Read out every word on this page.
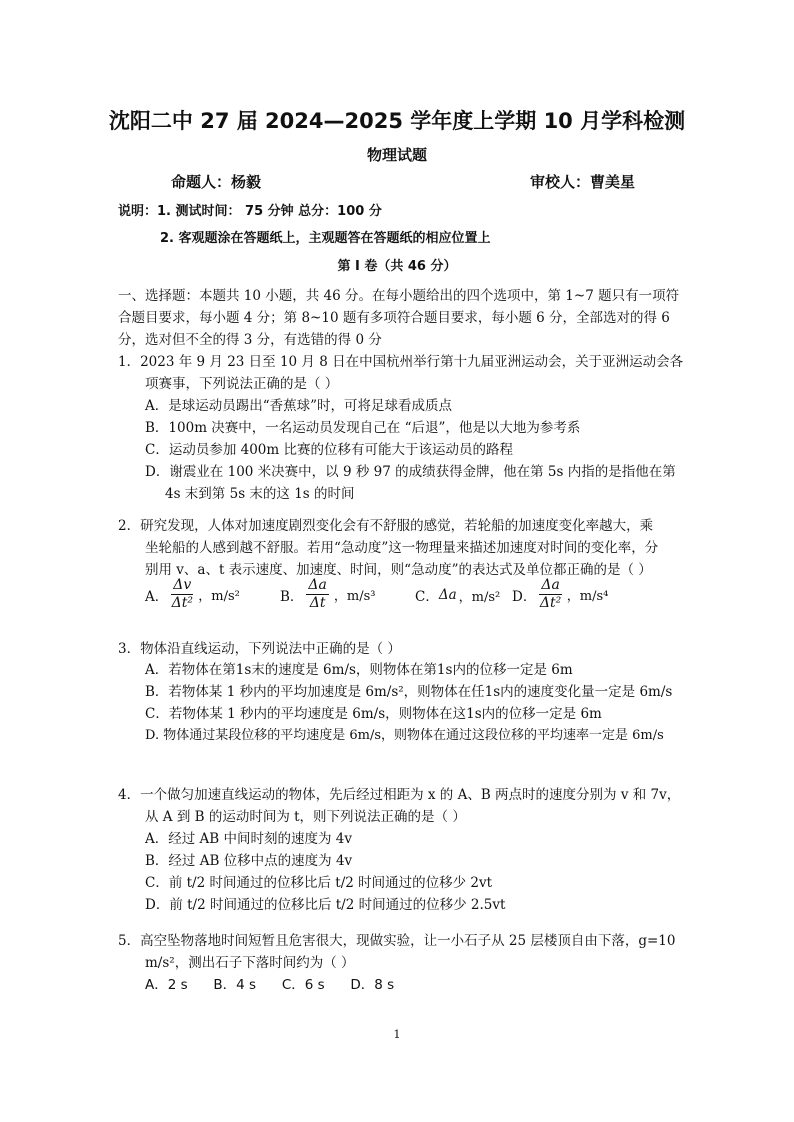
沈阳二中 27 届 2024—2025 学年度上学期 10 月学科检测
物理试题
命题人：杨毅	审校人：曹美星
说明：1. 测试时间： 75 分钟 总分：100 分
2. 客观题涂在答题纸上，主观题答在答题纸的相应位置上
第 Ⅰ 卷（共 46 分）
一、选择题：本题共 10 小题，共 46 分。在每小题给出的四个选项中，第 1~7 题只有一项符
合题目要求，每小题 4 分；第 8~10 题有多项符合题目要求，每小题 6 分，全部选对的得 6
分，选对但不全的得 3 分，有选错的得 0 分
1．2023 年 9 月 23 日至 10 月 8 日在中国杭州举行第十九届亚洲运动会，关于亚洲运动会各
项赛事，下列说法正确的是（ ）
A．是球运动员踢出“香蕉球”时，可将足球看成质点
B．100m 决赛中，一名运动员发现自己在 “后退”，他是以大地为参考系
C．运动员参加 400m 比赛的位移有可能大于该运动员的路程
D．谢震业在 100 米决赛中，以 9 秒 97 的成绩获得金牌，他在第 5s 内指的是指他在第
4s 末到第 5s 末的这 1s 的时间
2．研究发现，人体对加速度剧烈变化会有不舒服的感觉，若轮船的加速度变化率越大，乘
坐轮船的人感到越不舒服。若用“急动度”这一物理量来描述加速度对时间的变化率，分
别用 v、a、t 表示速度、加速度、时间，则“急动度”的表达式及单位都正确的是（ ）
A． $\frac{\Delta v}{\text{Δt²}}$ ，m/s²	B． $\frac{\Delta a}{\Delta t}$ ，m/s³	C． Δa ，m/s² D． $\frac{\Delta a}{\text{Δt²}}$ ，m/s⁴
3．物体沿直线运动，下列说法中正确的是（ ）
A．若物体在第1s末的速度是 6m/s，则物体在第1s内的位移一定是 6m
B．若物体某 1 秒内的平均加速度是 6m/s²，则物体在任1s内的速度变化量一定是 6m/s
C．若物体某 1 秒内的平均速度是 6m/s，则物体在这1s内的位移一定是 6m
D. 物体通过某段位移的平均速度是 6m/s，则物体在通过这段位移的平均速率一定是 6m/s
4．一个做匀加速直线运动的物体，先后经过相距为 x 的 A、B 两点时的速度分别为 v 和 7v，
从 A 到 B 的运动时间为 t，则下列说法正确的是（ ）
A．经过 AB 中间时刻的速度为 4v
B．经过 AB 位移中点的速度为 4v
C．前 t/2 时间通过的位移比后 t/2 时间通过的位移少 2vt
D．前 t/2 时间通过的位移比后 t/2 时间通过的位移少 2.5vt
5．高空坠物落地时间短暂且危害很大，现做实验，让一小石子从 25 层楼顶自由下落，g=10
m/s²，测出石子下落时间约为（ ）
A．2 s      B．4 s      C．6 s      D．8 s
1
